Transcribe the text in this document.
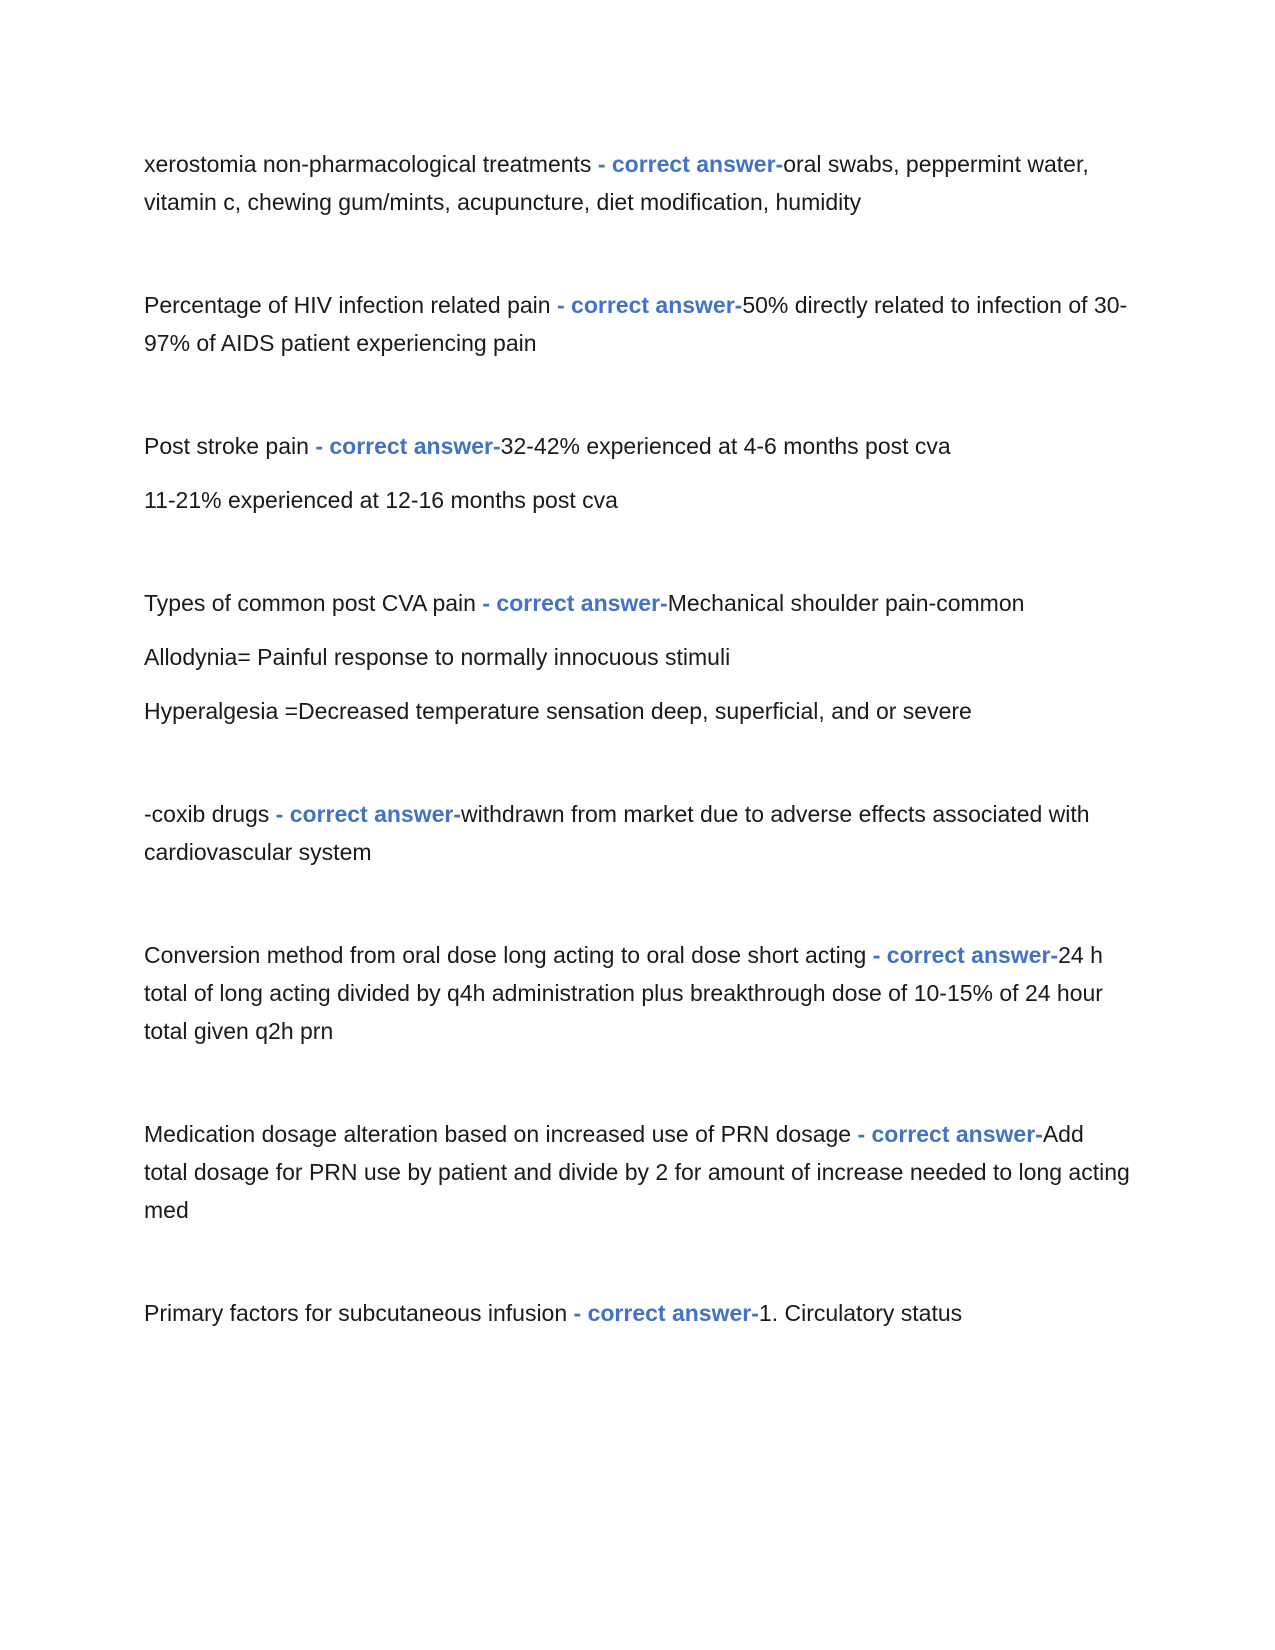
xerostomia non-pharmacological treatments - correct answer-oral swabs, peppermint water, vitamin c, chewing gum/mints, acupuncture, diet modification, humidity

Percentage of HIV infection related pain - correct answer-50% directly related to infection of 30-97% of AIDS patient experiencing pain

Post stroke pain - correct answer-32-42% experienced at 4-6 months post cva

11-21% experienced at 12-16 months post cva

Types of common post CVA pain - correct answer-Mechanical shoulder pain-common

Allodynia= Painful response to normally innocuous stimuli

Hyperalgesia =Decreased temperature sensation deep, superficial, and or severe

-coxib drugs - correct answer-withdrawn from market due to adverse effects associated with cardiovascular system

Conversion method from oral dose long acting to oral dose short acting - correct answer-24 h total of long acting divided by q4h administration plus breakthrough dose of 10-15% of 24 hour total given q2h prn

Medication dosage alteration based on increased use of PRN dosage - correct answer-Add total dosage for PRN use by patient and divide by 2 for amount of increase needed to long acting med

Primary factors for subcutaneous infusion - correct answer-1. Circulatory status
